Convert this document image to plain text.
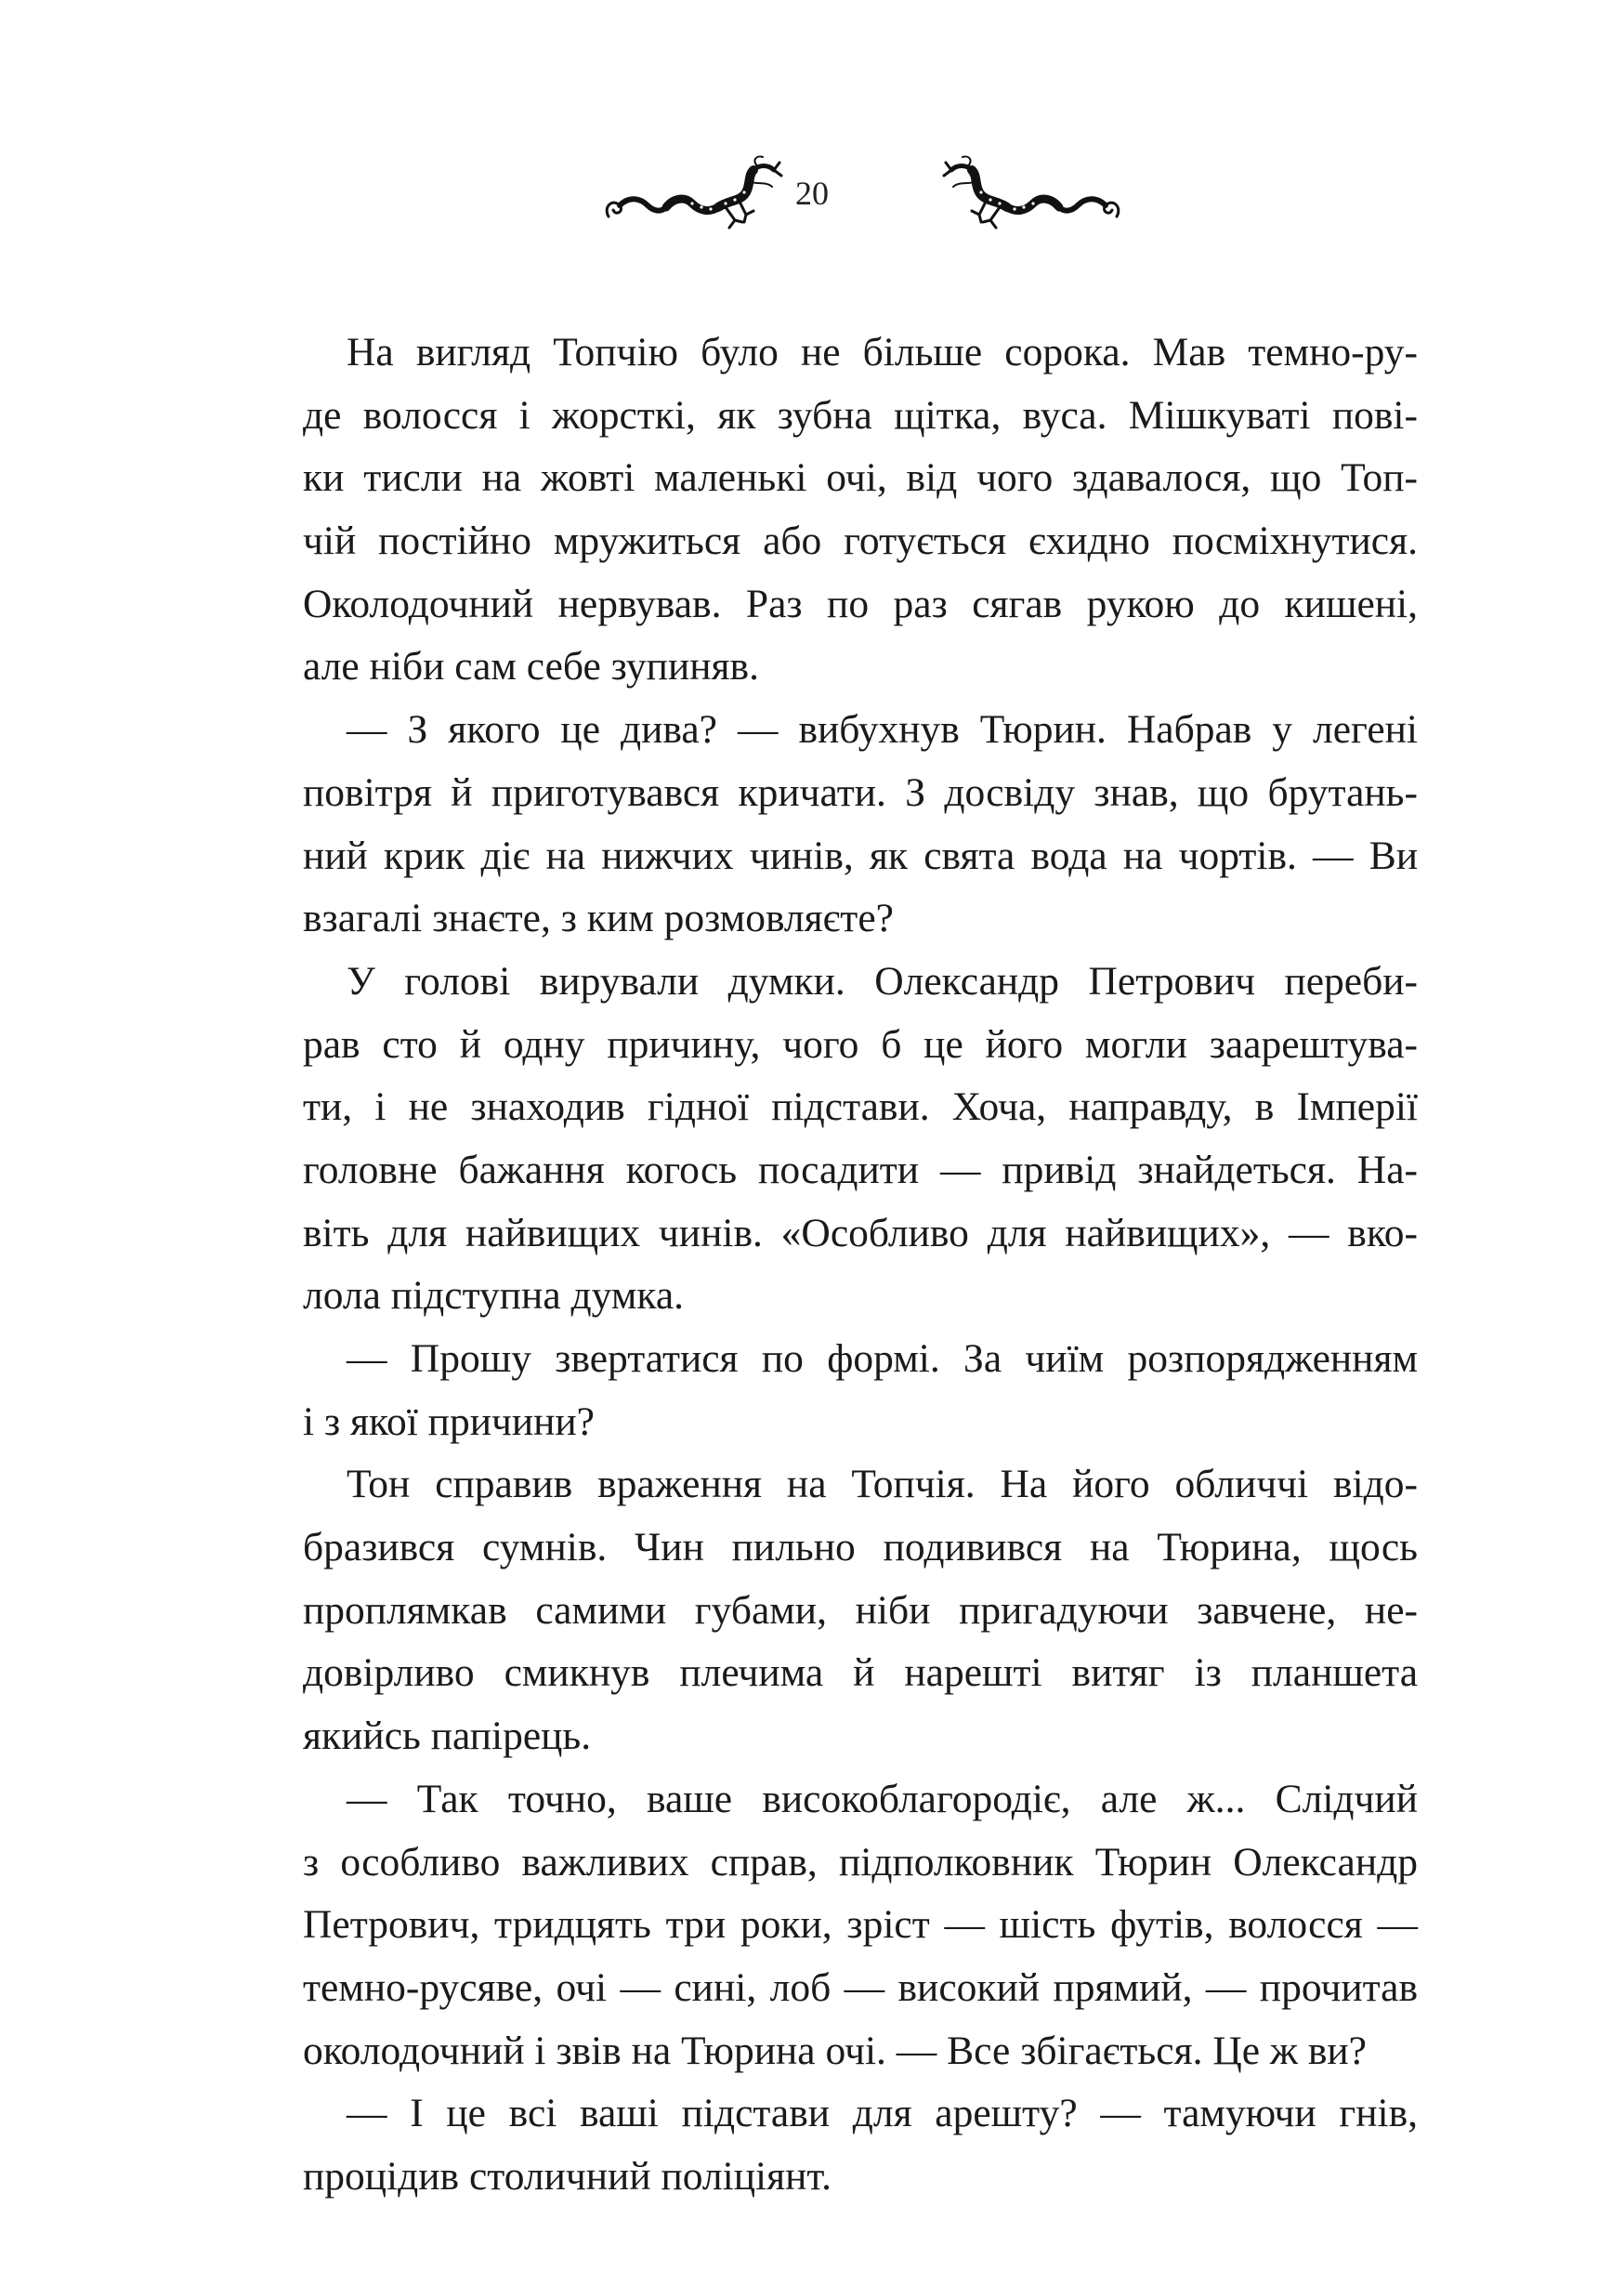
20
На вигляд Топчію було не більше сорока. Мав темно-ру-
де волосся і жорсткі, як зубна щітка, вуса. Мішкуваті пові-
ки тисли на жовті маленькі очі, від чого здавалося, що Топ-
чій постійно мружиться або готується єхидно посміхнутися.
Околодочний нервував. Раз по раз сягав рукою до кишені,
але ніби сам себе зупиняв.
— З якого це дива? — вибухнув Тюрин. Набрав у легені
повітря й приготувався кричати. З досвіду знав, що брутань-
ний крик діє на нижчих чинів, як свята вода на чортів. — Ви
взагалі знаєте, з ким розмовляєте?
У голові вирували думки. Олександр Петрович переби-
рав сто й одну причину, чого б це його могли заарештува-
ти, і не знаходив гідної підстави. Хоча, направду, в Імперії
головне бажання когось посадити — привід знайдеться. На-
віть для найвищих чинів. «Особливо для найвищих», — вко-
лола підступна думка.
— Прошу звертатися по формі. За чиїм розпорядженням
і з якої причини?
Тон справив враження на Топчія. На його обличчі відо-
бразився сумнів. Чин пильно подивився на Тюрина, щось
проплямкав самими губами, ніби пригадуючи завчене, не-
довірливо смикнув плечима й нарешті витяг із планшета
якийсь папірець.
— Так точно, ваше високоблагородіє, але ж... Слідчий
з особливо важливих справ, підполковник Тюрин Олександр
Петрович, тридцять три роки, зріст — шість футів, волосся —
темно-русяве, очі — сині, лоб — високий прямий, — прочитав
околодочний і звів на Тюрина очі. — Все збігається. Це ж ви?
— І це всі ваші підстави для арешту? — тамуючи гнів,
процідив столичний поліціянт.
